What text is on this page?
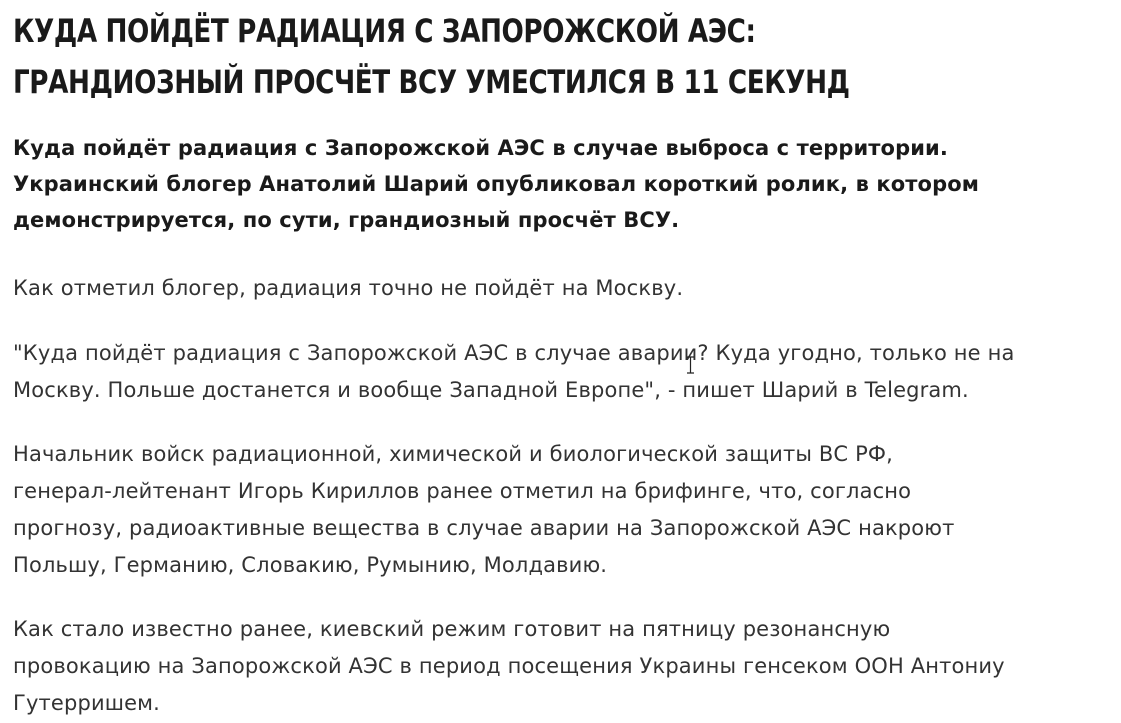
КУДА ПОЙДЁТ РАДИАЦИЯ С ЗАПОРОЖСКОЙ АЭС:
ГРАНДИОЗНЫЙ ПРОСЧЁТ ВСУ УМЕСТИЛСЯ В 11 СЕКУНД

Куда пойдёт радиация с Запорожской АЭС в случае выброса с территории.
Украинский блогер Анатолий Шарий опубликовал короткий ролик, в котором
демонстрируется, по сути, грандиозный просчёт ВСУ.

Как отметил блогер, радиация точно не пойдёт на Москву.

"Куда пойдёт радиация с Запорожской АЭС в случае аварии? Куда угодно, только не на
Москву. Польше достанется и вообще Западной Европе", - пишет Шарий в Telegram.

Начальник войск радиационной, химической и биологической защиты ВС РФ,
генерал-лейтенант Игорь Кириллов ранее отметил на брифинге, что, согласно
прогнозу, радиоактивные вещества в случае аварии на Запорожской АЭС накроют
Польшу, Германию, Словакию, Румынию, Молдавию.

Как стало известно ранее, киевский режим готовит на пятницу резонансную
провокацию на Запорожской АЭС в период посещения Украины генсеком ООН Антониу
Гутерришем.
